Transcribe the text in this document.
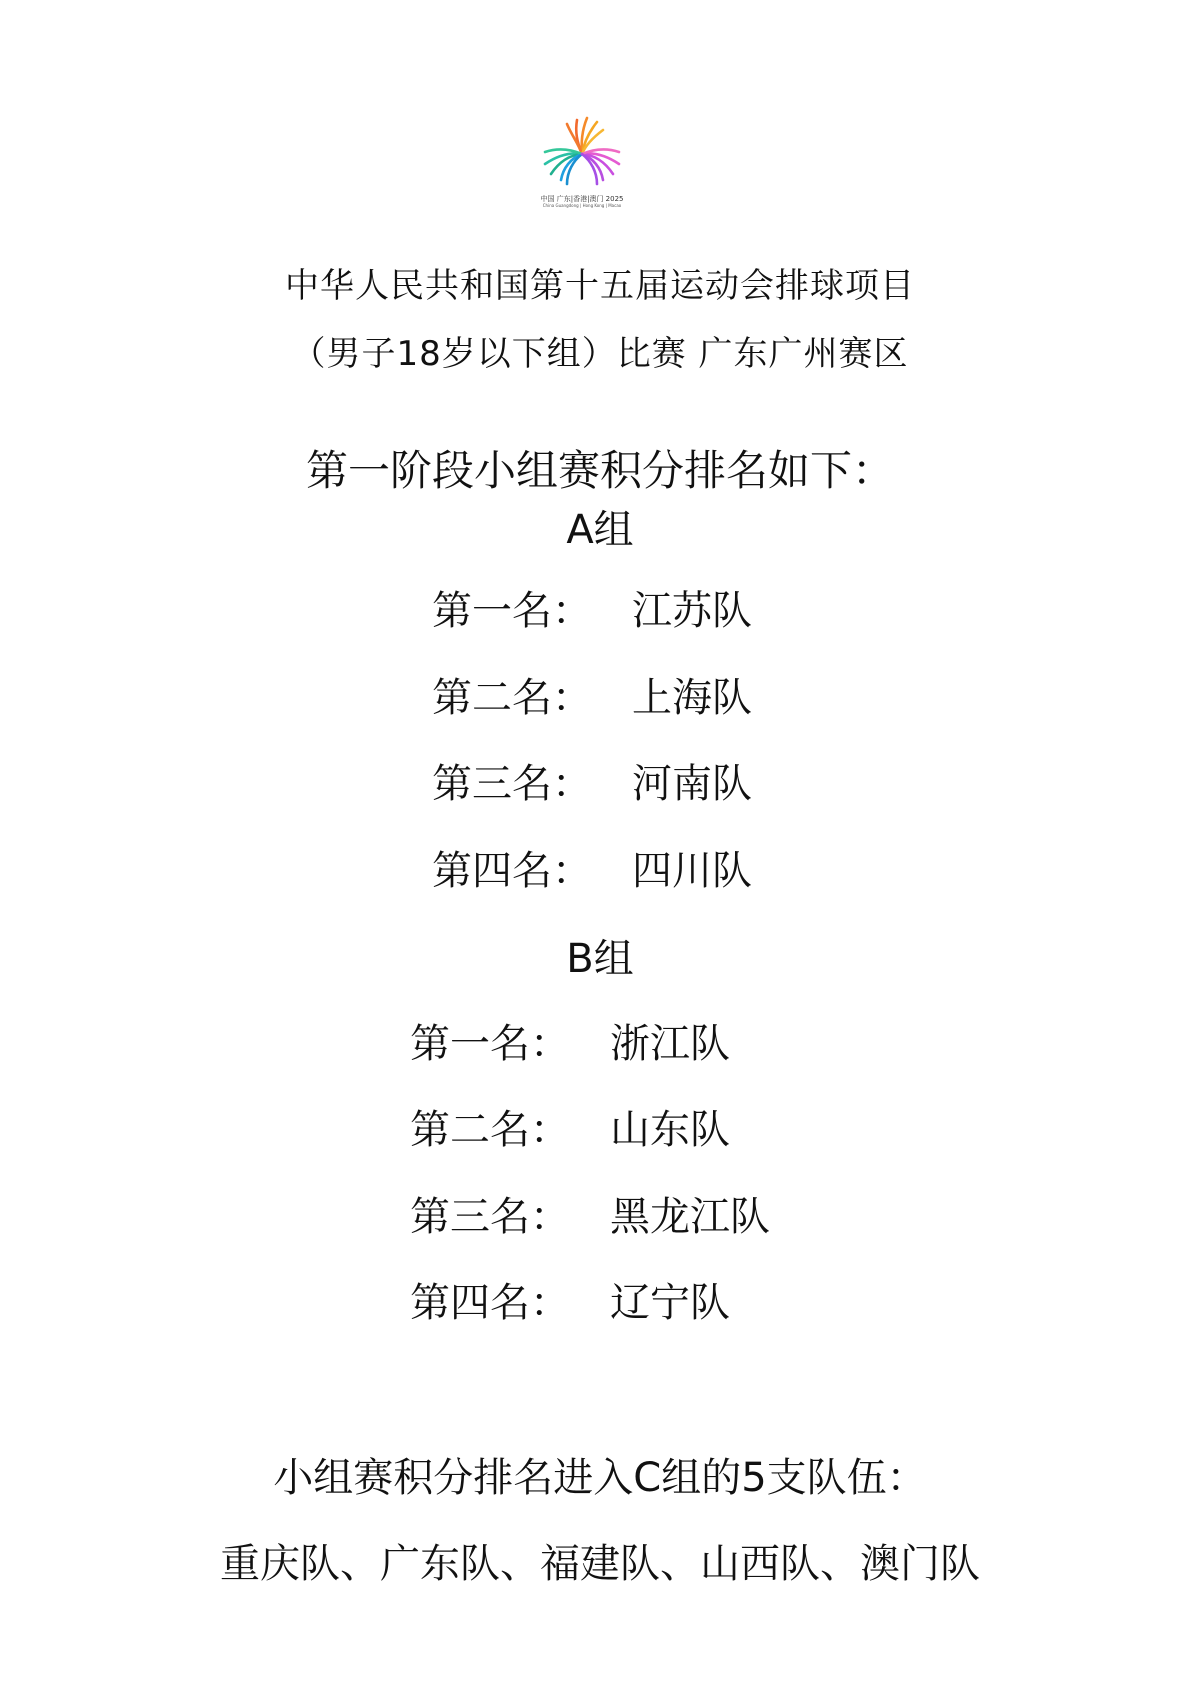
中国 广东|香港|澳门 2025
China Guangdong | Hong Kong | Macao
中华人民共和国第十五届运动会排球项目
（男子18岁以下组）比赛 广东广州赛区
第一阶段小组赛积分排名如下：
A组
第一名： 江苏队
第二名： 上海队
第三名： 河南队
第四名： 四川队
B组
第一名： 浙江队
第二名： 山东队
第三名： 黑龙江队
第四名： 辽宁队
小组赛积分排名进入C组的5支队伍：
重庆队、广东队、福建队、山西队、澳门队
